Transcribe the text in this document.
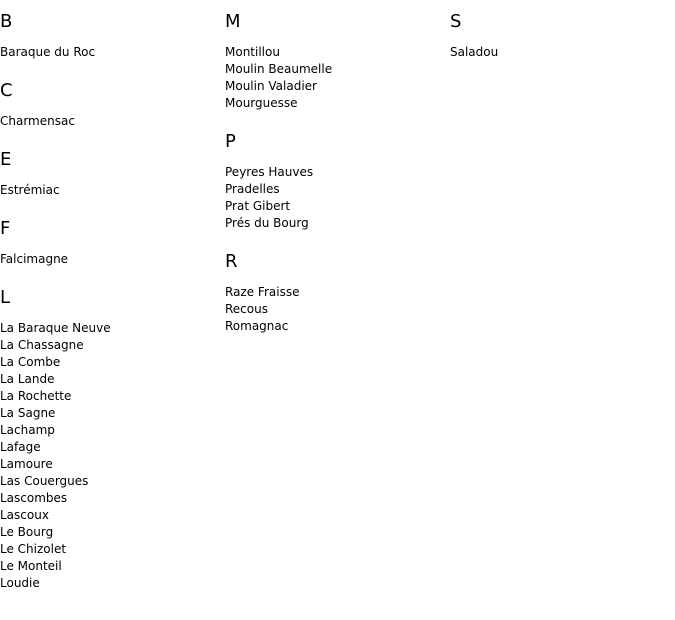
B
Baraque du Roc
C
Charmensac
E
Estrémiac
F
Falcimagne
L
La Baraque Neuve
La Chassagne
La Combe
La Lande
La Rochette
La Sagne
Lachamp
Lafage
Lamoure
Las Couergues
Lascombes
Lascoux
Le Bourg
Le Chizolet
Le Monteil
Loudie
M
Montillou
Moulin Beaumelle
Moulin Valadier
Mourguesse
P
Peyres Hauves
Pradelles
Prat Gibert
Prés du Bourg
R
Raze Fraisse
Recous
Romagnac
S
Saladou
